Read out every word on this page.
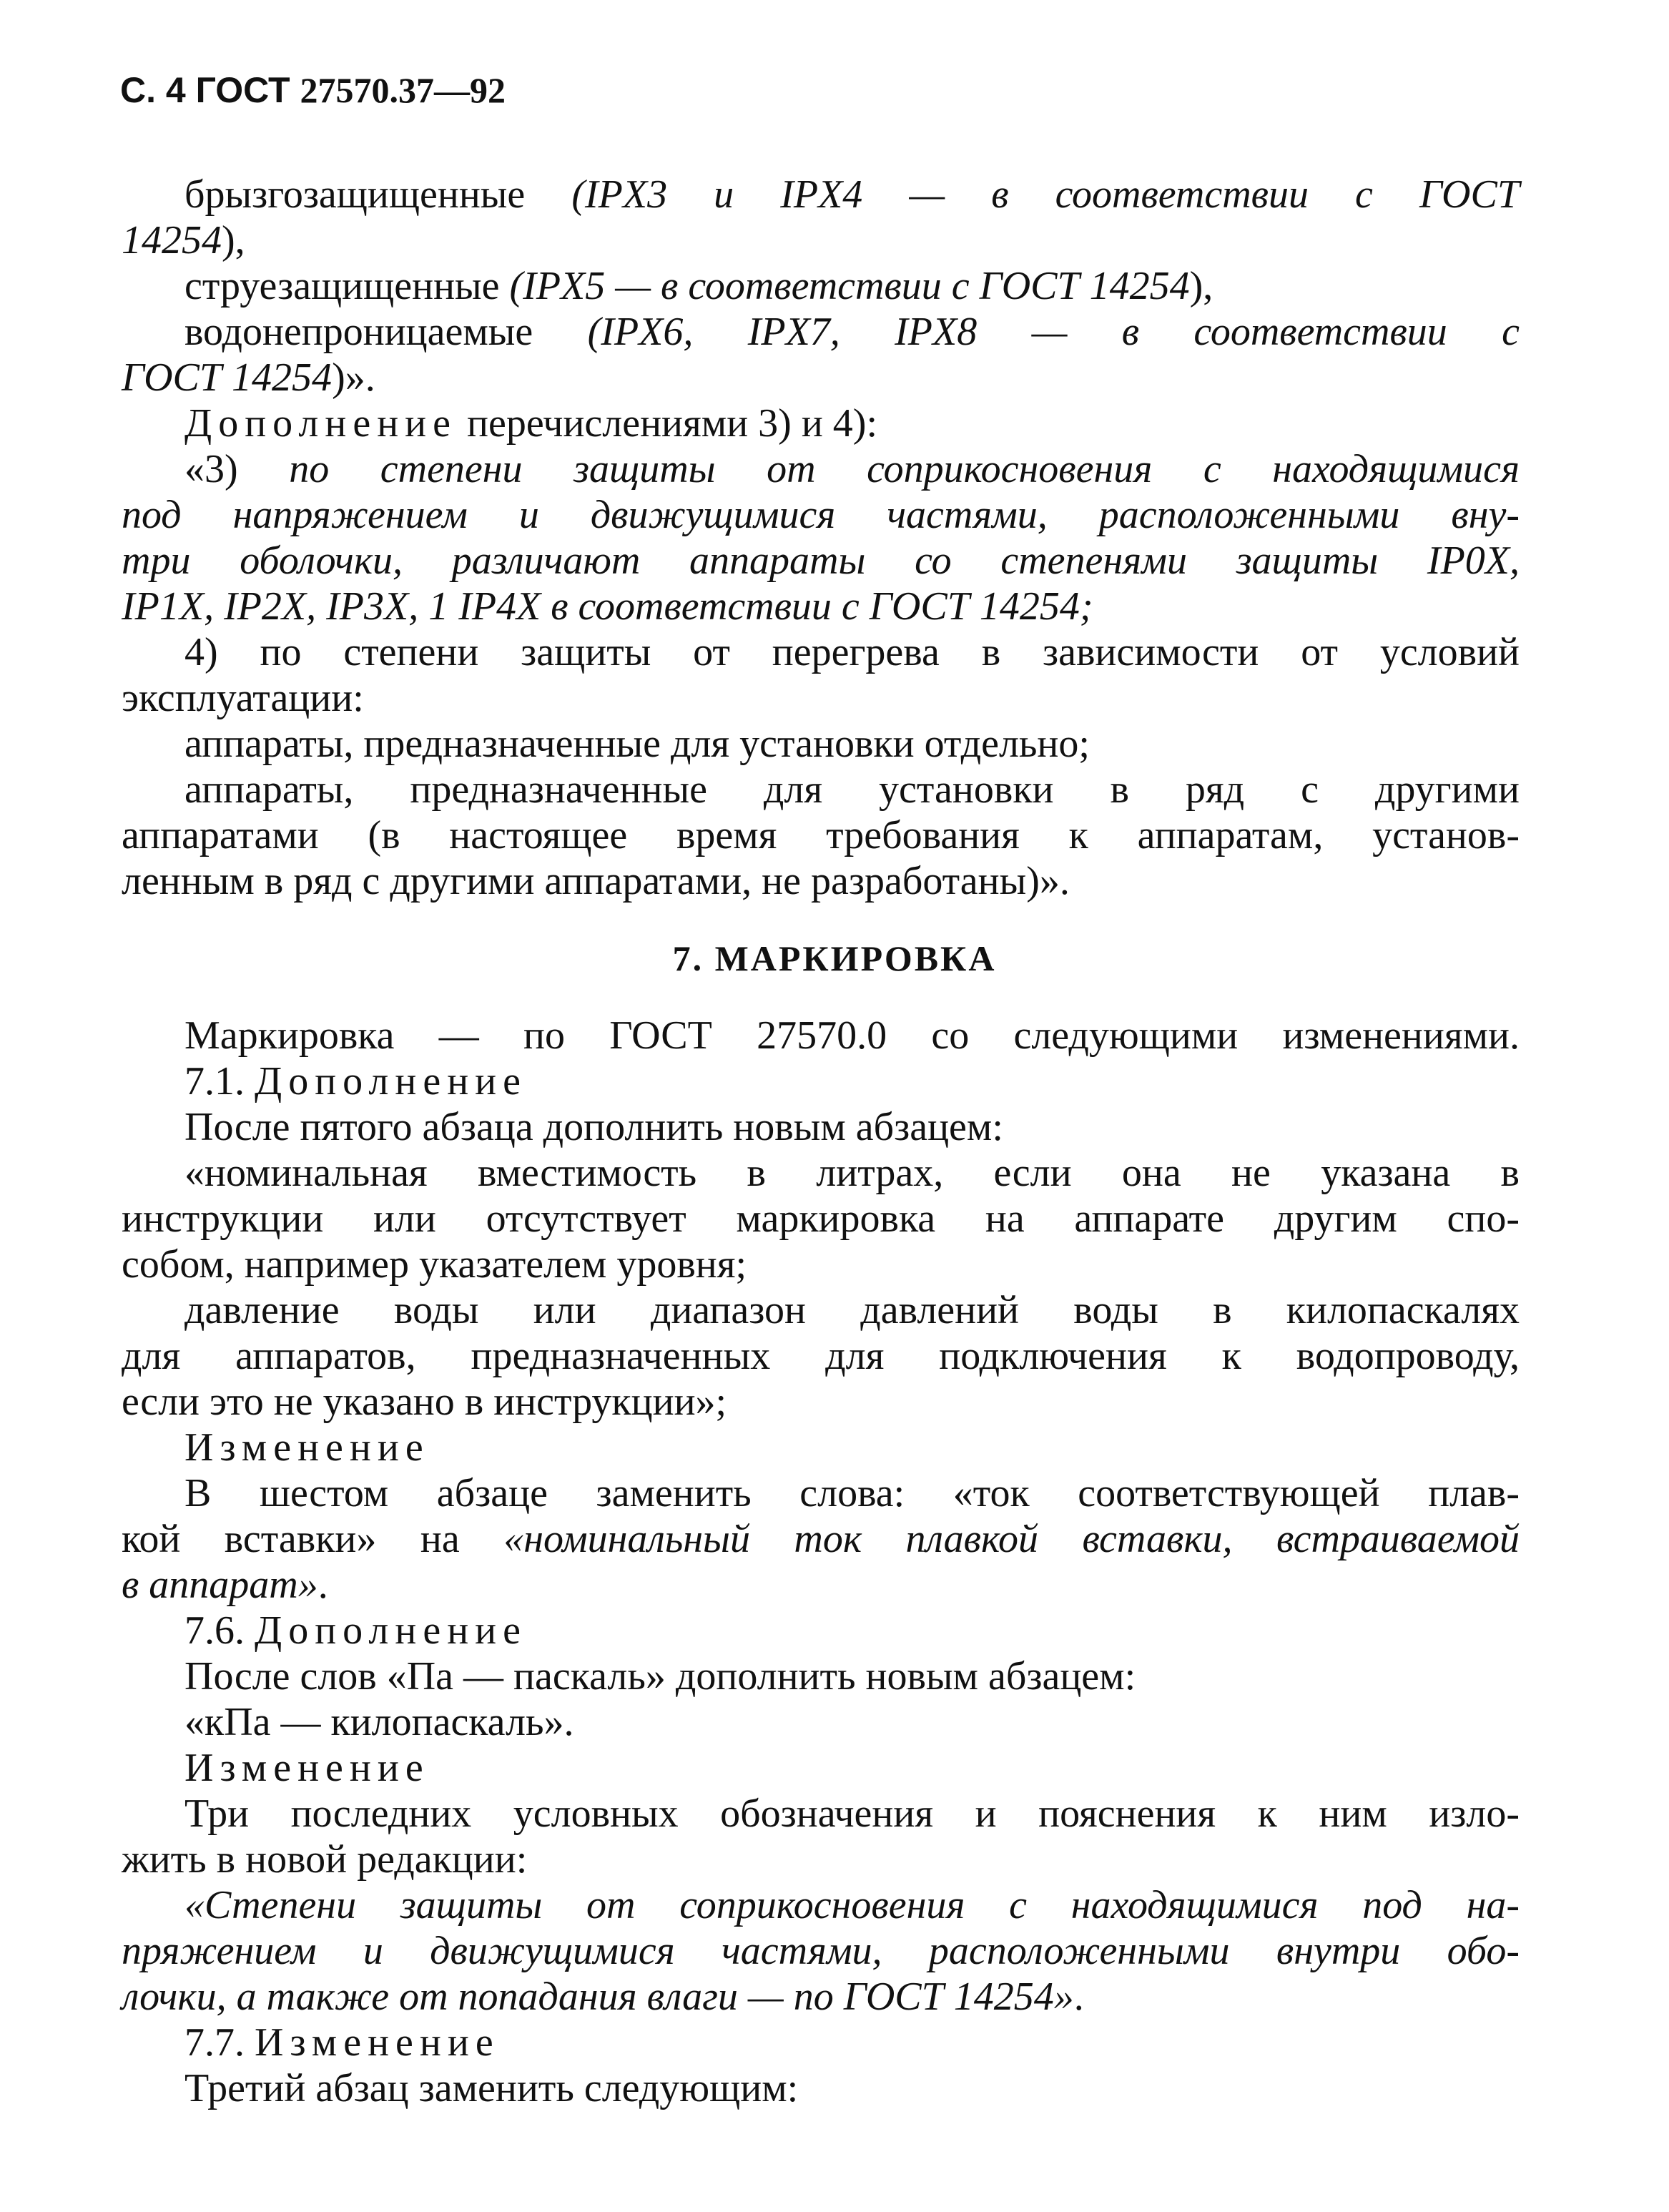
С. 4 ГОСТ 27570.37—92
брызгозащищенные (IPX3 и IPX4 — в соответствии с ГОСТ
14254),
струезащищенные (IPX5 — в соответствии с ГОСТ 14254),
водонепроницаемые (IPX6, IPX7, IPX8 — в соответствии с
ГОСТ 14254)».
Дополнение перечислениями 3) и 4):
«3) по степени защиты от соприкосновения с находящимися
под напряжением и движущимися частями, расположенными вну-
три оболочки, различают аппараты со степенями защиты IP0X,
IP1X, IP2X, IP3X, 1 IP4X в соответствии с ГОСТ 14254;
4) по степени защиты от перегрева в зависимости от условий
эксплуатации:
аппараты, предназначенные для установки отдельно;
аппараты, предназначенные для установки в ряд с другими
аппаратами (в настоящее время требования к аппаратам, установ-
ленным в ряд с другими аппаратами, не разработаны)».
7. МАРКИРОВКА
Маркировка — по ГОСТ 27570.0 со следующими изменениями.
7.1. Дополнение
После пятого абзаца дополнить новым абзацем:
«номинальная вместимость в литрах, если она не указана в
инструкции или отсутствует маркировка на аппарате другим спо-
собом, например указателем уровня;
давление воды или диапазон давлений воды в килопаскалях
для аппаратов, предназначенных для подключения к водопроводу,
если это не указано в инструкции»;
Изменение
В шестом абзаце заменить слова: «ток соответствующей плав-
кой вставки» на «номинальный ток плавкой вставки, встраиваемой
в аппарат».
7.6. Дополнение
После слов «Па — паскаль» дополнить новым абзацем:
«кПа — килопаскаль».
Изменение
Три последних условных обозначения и пояснения к ним изло-
жить в новой редакции:
«Степени защиты от соприкосновения с находящимися под на-
пряжением и движущимися частями, расположенными внутри обо-
лочки, а также от попадания влаги — по ГОСТ 14254».
7.7. Изменение
Третий абзац заменить следующим:
